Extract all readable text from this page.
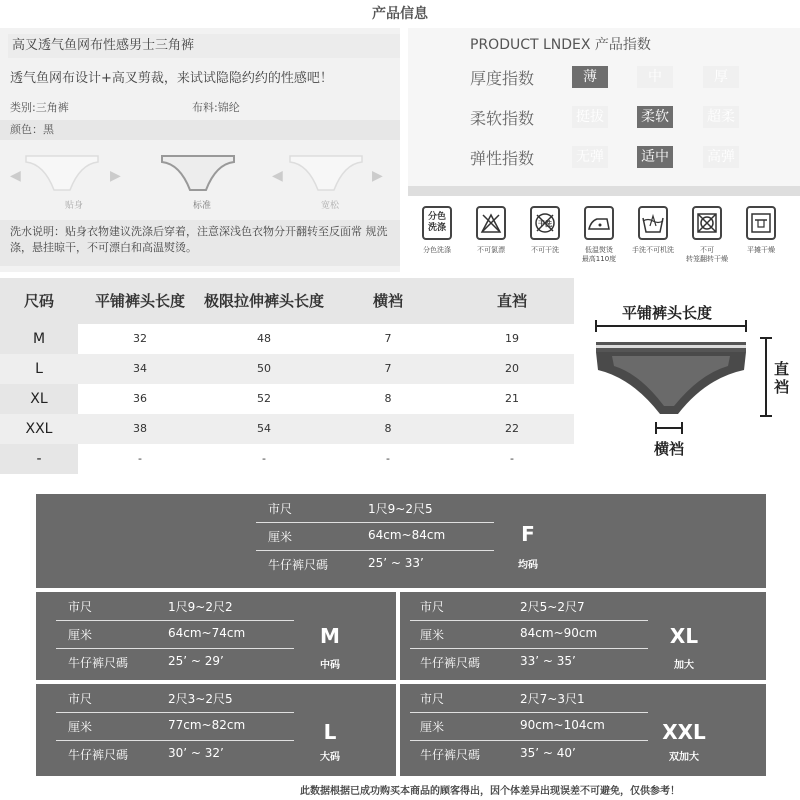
产品信息
高叉透气鱼网布性感男士三角裤
透气鱼网布设计+高叉剪裁，来试试隐隐约约的性感吧！
类别:三角裤	布料:锦纶
颜色：黑
◀	▶	◀	▶
贴身	标准	宽松
洗水说明：贴身衣物建议洗涤后穿着，注意深浅色衣物分开翻转至反面常 规洗涤，悬挂晾干，不可漂白和高温熨烫。
PRODUCT LNDEX 产品指数
厚度指数	薄	中	厚
柔软指数	挺拔	柔软	超柔
弹性指数	无弹	适中	高弹
分色
洗涤
分色洗涤	不可氯漂
干洗
不可干洗	低温熨烫
最高110度
手洗不可机洗	不可
转笼翻转干燥
平摊干燥
尺码	平铺裤头长度	极限拉伸裤头长度	横裆	直裆
M	32	48	7	19
L	34	50	7	20
XL	36	52	8	21
XXL	38	54	8	22
-	-	-	-	-
平铺裤头长度
直
裆
横裆
市尺	1尺9~2尺5
厘米	64cm~84cm
牛仔裤尺碼	25’ ~ 33’
F
均码
市尺	1尺9~2尺2
厘米	64cm~74cm
牛仔裤尺碼	25’ ~ 29’
M
中码
市尺	2尺5~2尺7
厘米	84cm~90cm
牛仔裤尺碼	33’ ~ 35’
XL
加大
市尺	2尺3~2尺5
厘米	77cm~82cm
牛仔裤尺碼	30’ ~ 32’
L
大码
市尺	2尺7~3尺1
厘米	90cm~104cm
牛仔裤尺碼	35’ ~ 40’
XXL
双加大
此数据根据已成功购买本商品的顾客得出，因个体差异出现误差不可避免，仅供参考！
